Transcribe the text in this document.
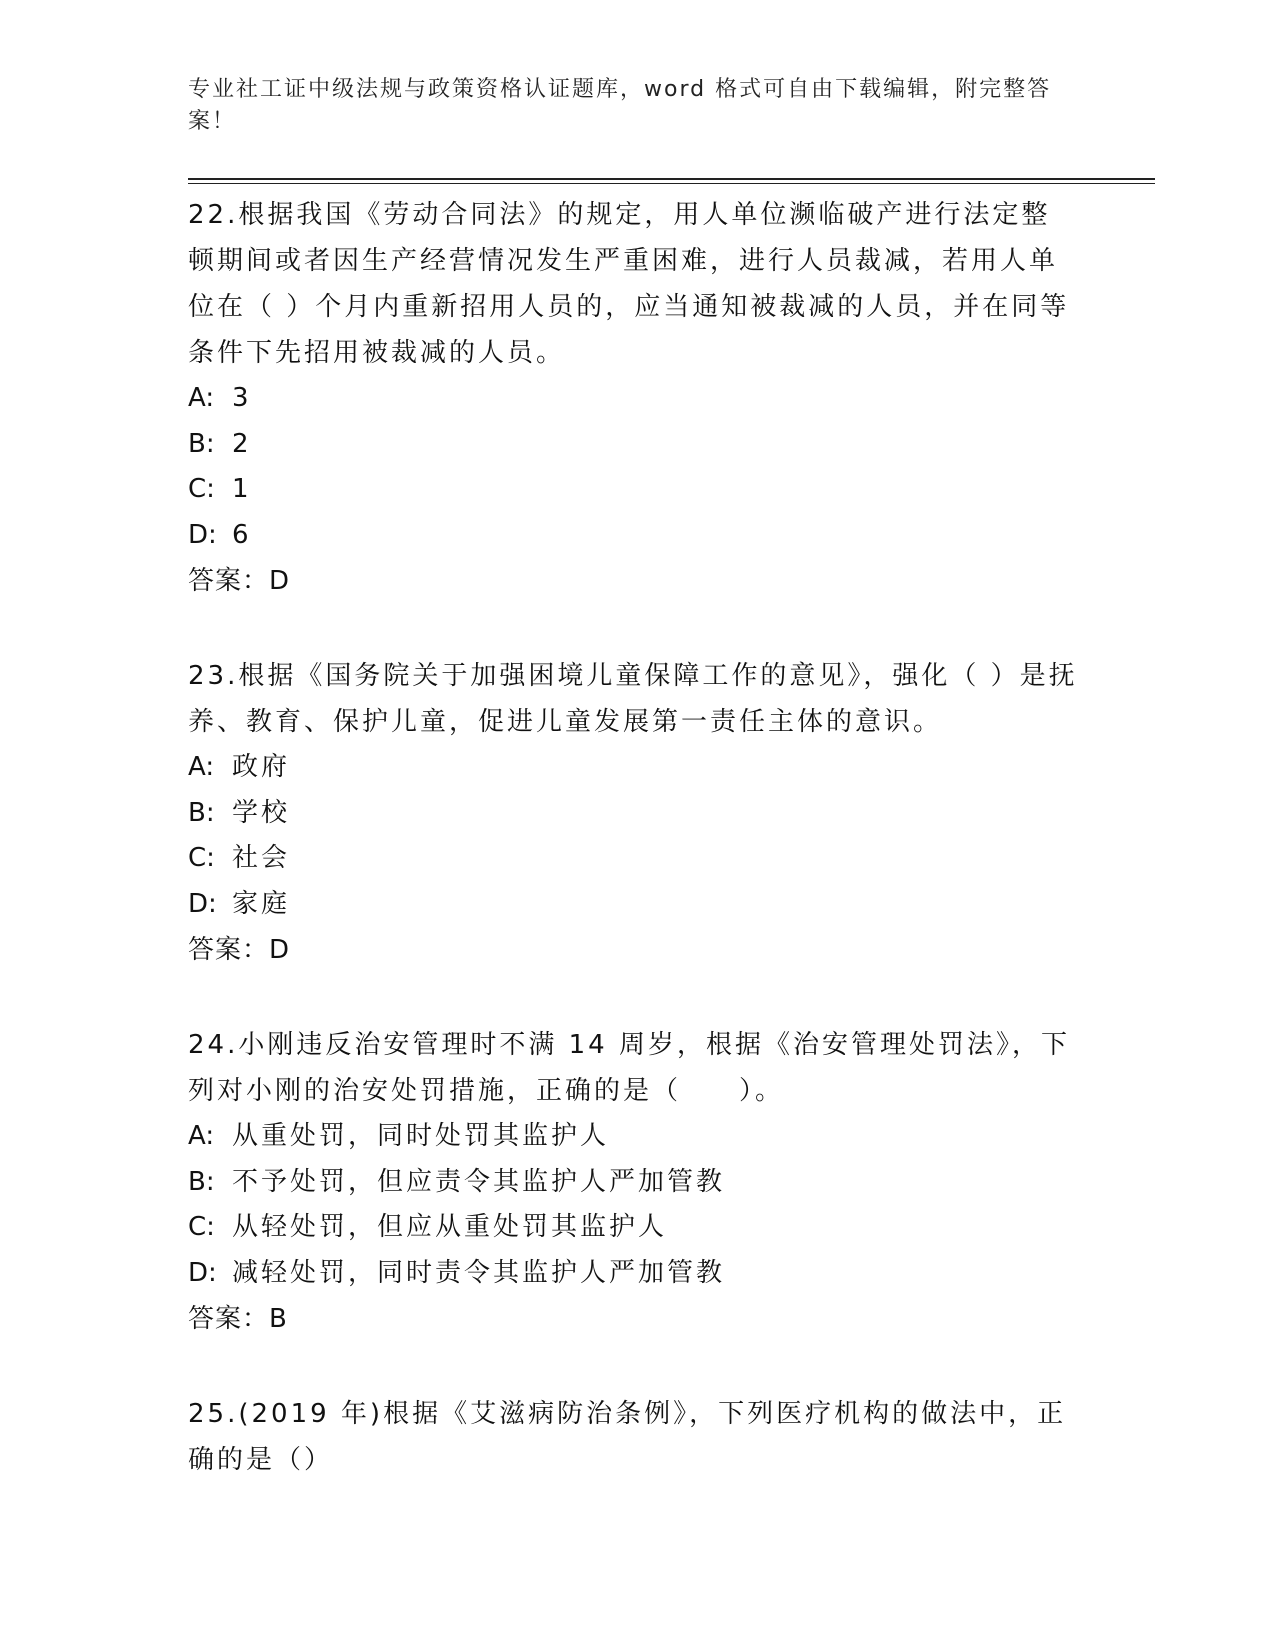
专业社工证中级法规与政策资格认证题库，word 格式可自由下载编辑，附完整答案！

22.根据我国《劳动合同法》的规定，用人单位濒临破产进行法定整顿期间或者因生产经营情况发生严重困难，进行人员裁减，若用人单位在（ ）个月内重新招用人员的，应当通知被裁减的人员，并在同等条件下先招用被裁减的人员。

A: 3

B: 2

C: 1

D: 6

答案：D

23.根据《国务院关于加强困境儿童保障工作的意见》，强化（ ）是抚养、教育、保护儿童，促进儿童发展第一责任主体的意识。

A: 政府

B: 学校

C: 社会

D: 家庭

答案：D

24.小刚违反治安管理时不满 14 周岁，根据《治安管理处罚法》，下列对小刚的治安处罚措施，正确的是（　　）。

A: 从重处罚，同时处罚其监护人

B: 不予处罚，但应责令其监护人严加管教

C: 从轻处罚，但应从重处罚其监护人

D: 减轻处罚，同时责令其监护人严加管教

答案：B

25.(2019 年)根据《艾滋病防治条例》，下列医疗机构的做法中，正确的是（）
